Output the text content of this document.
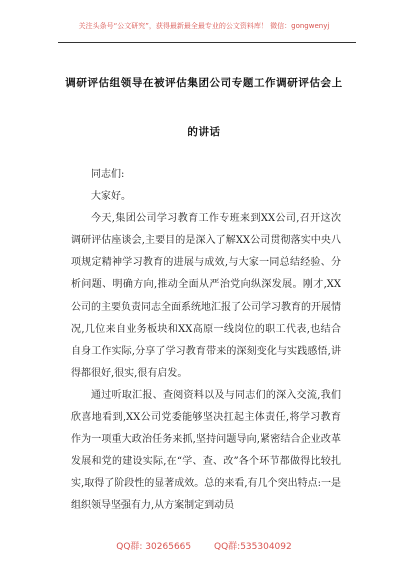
关注头条号“公文研究”，获得最新最全最专业的公文资料库！ 微信：gongwenyj
调研评估组领导在被评估集团公司专题工作调研评估会上
的讲话

同志们:

大家好。

今天,集团公司学习教育工作专班来到XX公司,召开这次调研评估座谈会,主要目的是深入了解XX公司贯彻落实中央八项规定精神学习教育的进展与成效,与大家一同总结经验、分析问题、明确方向,推动全面从严治党向纵深发展。刚才,XX公司的主要负责同志全面系统地汇报了公司学习教育的开展情况,几位来自业务板块和XX高原一线岗位的职工代表,也结合自身工作实际,分享了学习教育带来的深刻变化与实践感悟,讲得都很好,很实,很有启发。

通过听取汇报、查阅资料以及与同志们的深入交流,我们欣喜地看到,XX公司党委能够坚决扛起主体责任,将学习教育作为一项重大政治任务来抓,坚持问题导向,紧密结合企业改革发展和党的建设实际,在“学、查、改”各个环节都做得比较扎实,取得了阶段性的显著成效。总的来看,有几个突出特点:一是组织领导坚强有力,从方案制定到动员

QQ群: 30265665	QQ群:535304092
